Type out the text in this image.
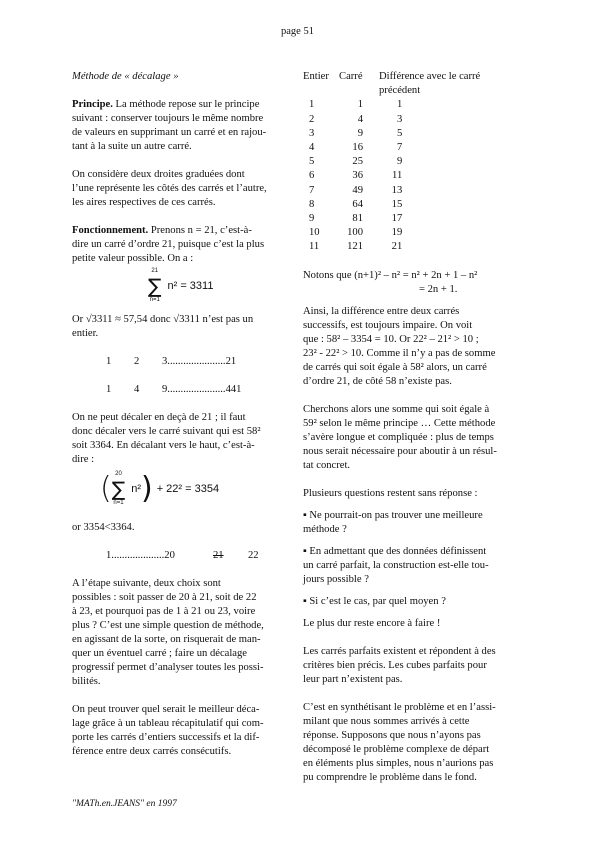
page 51

Méthode de « décalage »

Principe. La méthode repose sur le principe
suivant : conserver toujours le même nombre
de valeurs en supprimant un carré et en rajou-
tant à la suite un autre carré.

On considère deux droites graduées dont
l’une représente les côtés des carrés et l’autre,
les aires respectives de ces carrés.

Fonctionnement. Prenons n = 21, c’est-à-
dire un carré d’ordre 21, puisque c’est la plus
petite valeur possible. On a :

21
∑
n=1
n² = 3311

Or √3311 ≈ 57,54 donc √3311 n’est pas un
entier.

1	2	3......................21
1	4	9......................441

On ne peut décaler en deçà de 21 ; il faut
donc décaler vers le carré suivant qui est 58²
soit 3364. En décalant vers le haut, c’est-à-
dire :

( 20
∑
n=1
n² ) + 22² = 3354

or 3354<3364.

1....................20	21	22

A l’étape suivante, deux choix sont
possibles : soit passer de 20 à 21, soit de 22
à 23, et pourquoi pas de 1 à 21 ou 23, voire
plus ? C’est une simple question de méthode,
en agissant de la sorte, on risquerait de man-
quer un éventuel carré ; faire un décalage
progressif permet d’analyser toutes les possi-
bilités.

On peut trouver quel serait le meilleur déca-
lage grâce à un tableau récapitulatif qui com-
porte les carrés d’entiers successifs et la dif-
férence entre deux carrés consécutifs.

Entier	Carré	Différence avec le carré
		précédent
1	1	1
2	4	3
3	9	5
4	16	7
5	25	9
6	36	11
7	49	13
8	64	15
9	81	17
10	100	19
11	121	21

Notons que (n+1)² – n² = n² + 2n + 1 – n²
= 2n + 1.

Ainsi, la différence entre deux carrés
successifs, est toujours impaire. On voit
que : 58² – 3354 = 10. Or 22² – 21² > 10 ;
23² - 22² > 10. Comme il n’y a pas de somme
de carrés qui soit égale à 58² alors, un carré
d’ordre 21, de côté 58 n’existe pas.

Cherchons alors une somme qui soit égale à
59² selon le même principe … Cette méthode
s’avère longue et compliquée : plus de temps
nous serait nécessaire pour aboutir à un résul-
tat concret.

Plusieurs questions restent sans réponse :

▪ Ne pourrait-on pas trouver une meilleure
méthode ?

▪ En admettant que des données définissent
un carré parfait, la construction est-elle tou-
jours possible ?

▪ Si c’est le cas, par quel moyen ?

Le plus dur reste encore à faire !

Les carrés parfaits existent et répondent à des
critères bien précis. Les cubes parfaits pour
leur part n’existent pas.

C’est en synthétisant le problème et en l’assi-
milant que nous sommes arrivés à cette
réponse. Supposons que nous n’ayons pas
décomposé le problème complexe de départ
en éléments plus simples, nous n’aurions pas
pu comprendre le problème dans le fond.

"MATh.en.JEANS" en 1997
